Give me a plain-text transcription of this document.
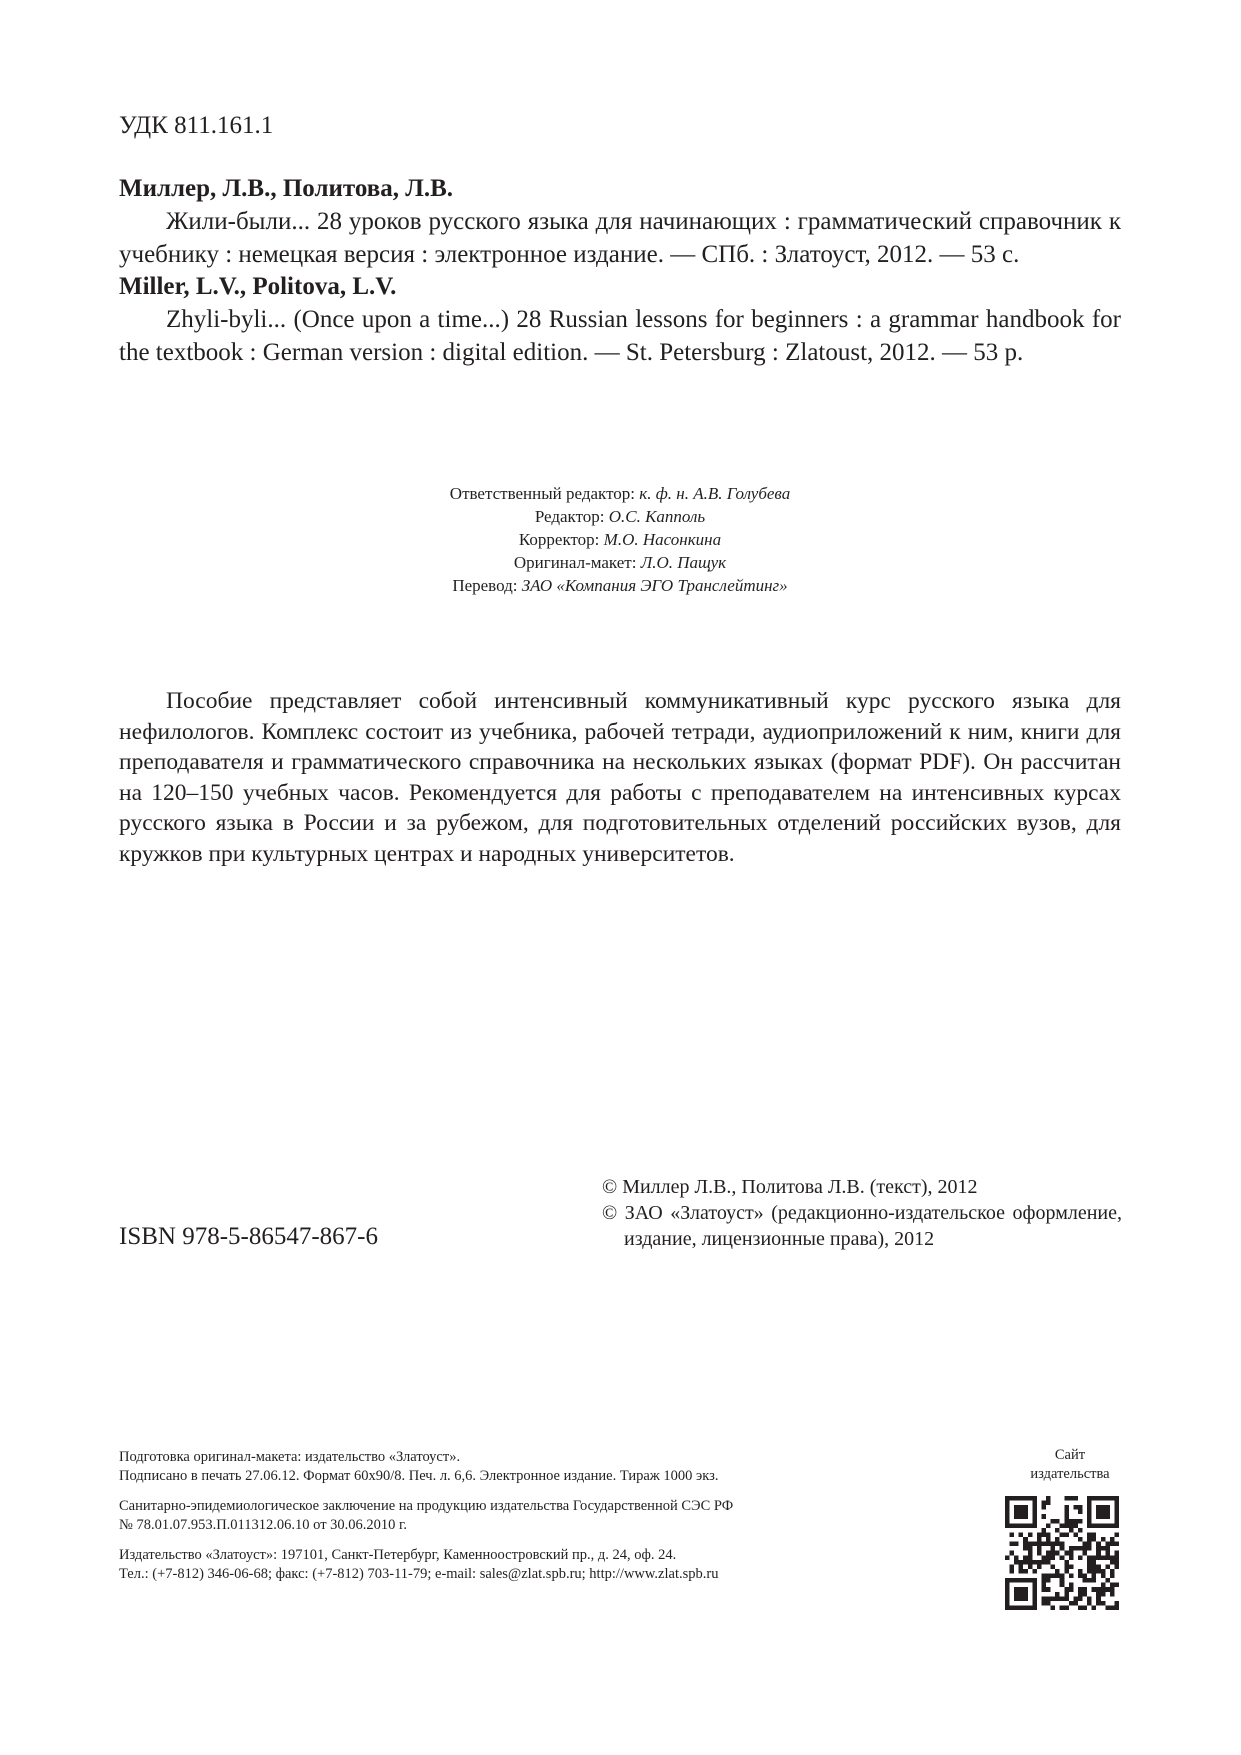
УДК 811.161.1
Миллер, Л.В., Политова, Л.В.
Жили-были... 28 уроков русского языка для начинающих : грамматический справочник к учебнику : немецкая версия : электронное издание. — СПб. : Златоуст, 2012. — 53 с.
Miller, L.V., Politova, L.V.
Zhyli-byli... (Once upon a time...) 28 Russian lessons for beginners : a grammar handbook for the textbook : German version : digital edition. — St. Petersburg : Zlatoust, 2012. — 53 p.
Ответственный редактор: к. ф. н. А.В. Голубева
Редактор: О.С. Капполь
Корректор: М.О. Насонкина
Оригинал-макет: Л.О. Пащук
Перевод: ЗАО «Компания ЭГО Транслейтинг»
Пособие представляет собой интенсивный коммуникативный курс русского языка для нефилологов. Комплекс состоит из учебника, рабочей тетради, аудиоприложений к ним, книги для преподавателя и грамматического справочника на нескольких языках (формат PDF). Он рассчитан на 120–150 учебных часов. Рекомендуется для работы с преподавателем на интенсивных курсах русского языка в России и за рубежом, для подготовительных отделений российских вузов, для кружков при культурных центрах и народных университетов.
ISBN 978-5-86547-867-6
© Миллер Л.В., Политова Л.В. (текст), 2012
© ЗАО «Златоуст» (редакционно-издательское оформление, издание, лицензионные права), 2012
Подготовка оригинал-макета: издательство «Златоуст».
Подписано в печать 27.06.12. Формат 60х90/8. Печ. л. 6,6. Электронное издание. Тираж 1000 экз.
Санитарно-эпидемиологическое заключение на продукцию издательства Государственной СЭС РФ
№ 78.01.07.953.П.011312.06.10 от 30.06.2010 г.
Издательство «Златоуст»: 197101, Санкт-Петербург, Каменноостровский пр., д. 24, оф. 24.
Тел.: (+7-812) 346-06-68; факс: (+7-812) 703-11-79; e-mail: sales@zlat.spb.ru; http://www.zlat.spb.ru
Сайт
издательства
